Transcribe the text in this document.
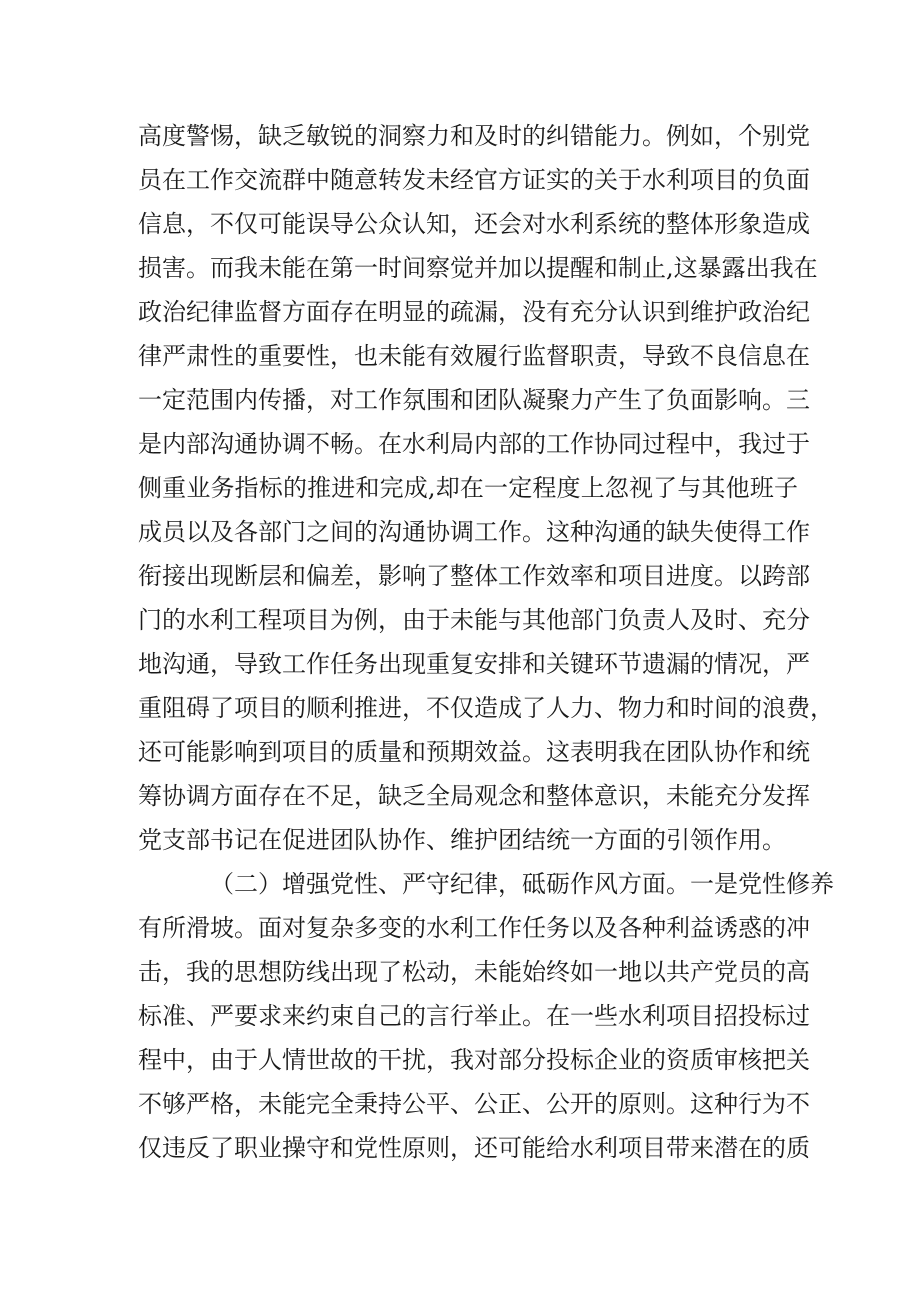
高度警惕，缺乏敏锐的洞察力和及时的纠错能力。例如，个别党
员在工作交流群中随意转发未经官方证实的关于水利项目的负面
信息，不仅可能误导公众认知，还会对水利系统的整体形象造成
损害。而我未能在第一时间察觉并加以提醒和制止,这暴露出我在
政治纪律监督方面存在明显的疏漏，没有充分认识到维护政治纪
律严肃性的重要性，也未能有效履行监督职责，导致不良信息在
一定范围内传播，对工作氛围和团队凝聚力产生了负面影响。三
是内部沟通协调不畅。在水利局内部的工作协同过程中，我过于
侧重业务指标的推进和完成,却在一定程度上忽视了与其他班子
成员以及各部门之间的沟通协调工作。这种沟通的缺失使得工作
衔接出现断层和偏差，影响了整体工作效率和项目进度。以跨部
门的水利工程项目为例，由于未能与其他部门负责人及时、充分
地沟通，导致工作任务出现重复安排和关键环节遗漏的情况，严
重阻碍了项目的顺利推进，不仅造成了人力、物力和时间的浪费，
还可能影响到项目的质量和预期效益。这表明我在团队协作和统
筹协调方面存在不足，缺乏全局观念和整体意识，未能充分发挥
党支部书记在促进团队协作、维护团结统一方面的引领作用。
（二）增强党性、严守纪律，砥砺作风方面。一是党性修养
有所滑坡。面对复杂多变的水利工作任务以及各种利益诱惑的冲
击，我的思想防线出现了松动，未能始终如一地以共产党员的高
标准、严要求来约束自己的言行举止。在一些水利项目招投标过
程中，由于人情世故的干扰，我对部分投标企业的资质审核把关
不够严格，未能完全秉持公平、公正、公开的原则。这种行为不
仅违反了职业操守和党性原则，还可能给水利项目带来潜在的质
